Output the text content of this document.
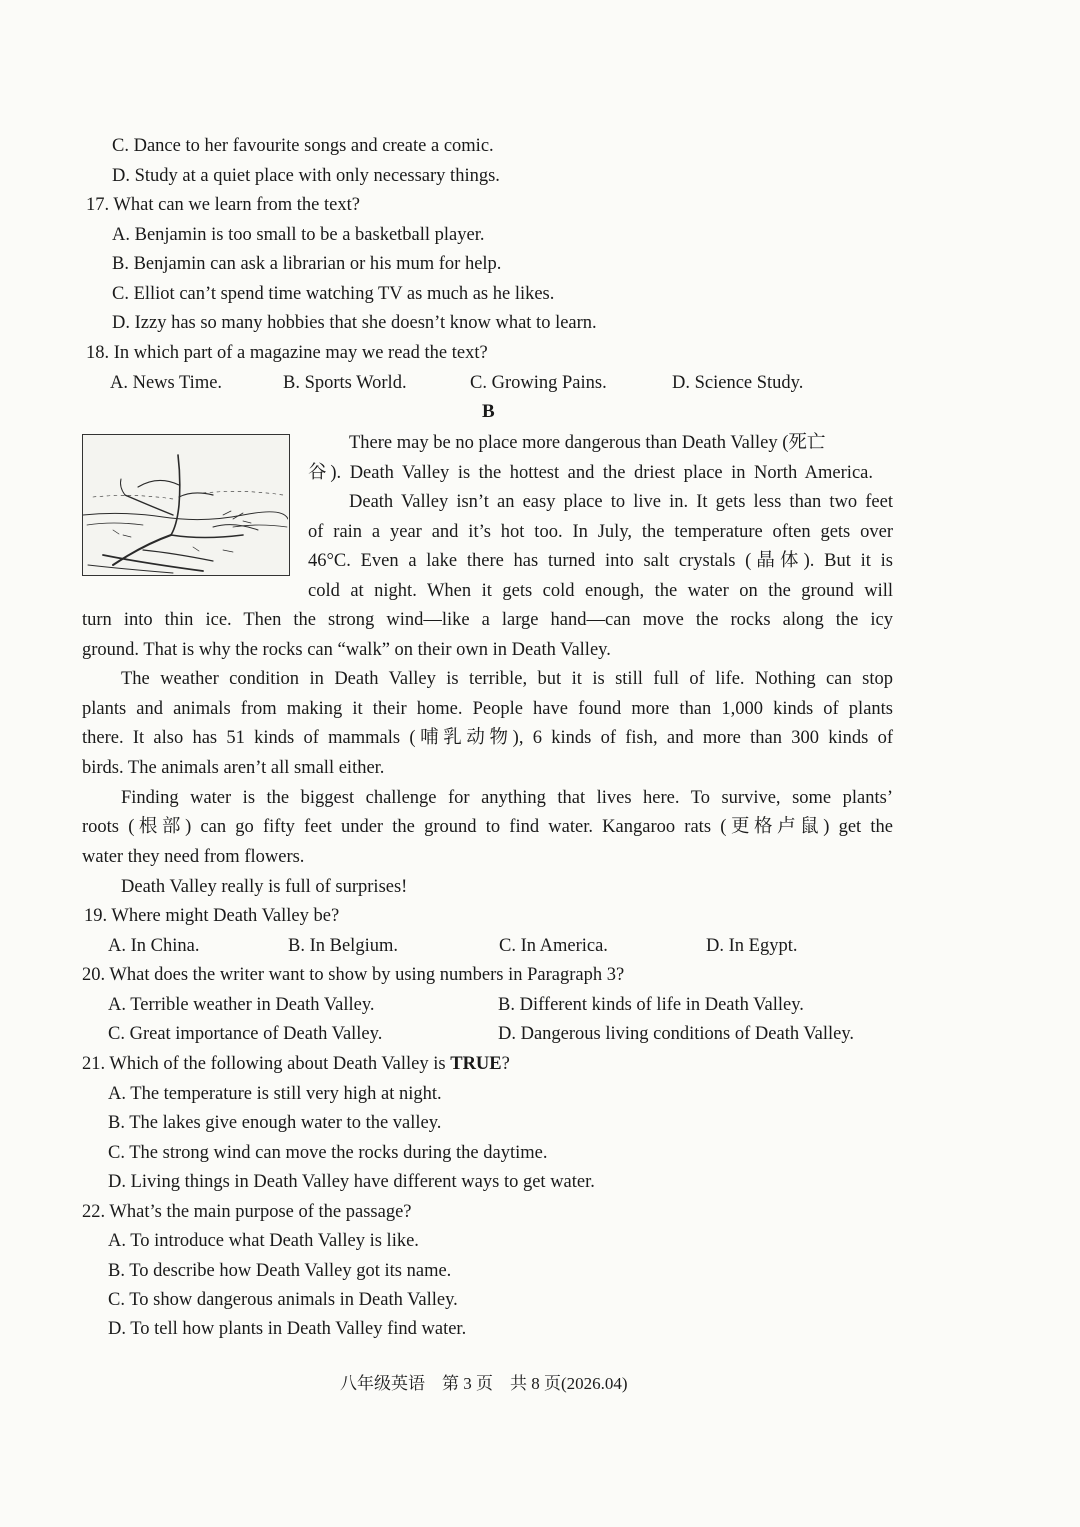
C. Dance to her favourite songs and create a comic.
D. Study at a quiet place with only necessary things.
17. What can we learn from the text?
A. Benjamin is too small to be a basketball player.
B. Benjamin can ask a librarian or his mum for help.
C. Elliot can’t spend time watching TV as much as he likes.
D. Izzy has so many hobbies that she doesn’t know what to learn.
18. In which part of a magazine may we read the text?
A. News Time.	B. Sports World.	C. Growing Pains.	D. Science Study.
B
There may be no place more dangerous than Death Valley (死亡
谷). Death Valley is the hottest and the driest place in North America.
Death Valley isn’t an easy place to live in. It gets less than two feet
of rain a year and it’s hot too. In July, the temperature often gets over
46°C. Even a lake there has turned into salt crystals (晶体). But it is
cold at night. When it gets cold enough, the water on the ground will
turn into thin ice. Then the strong wind—like a large hand—can move the rocks along the icy
ground. That is why the rocks can “walk” on their own in Death Valley.
The weather condition in Death Valley is terrible, but it is still full of life. Nothing can stop
plants and animals from making it their home. People have found more than 1,000 kinds of plants
there. It also has 51 kinds of mammals (哺乳动物), 6 kinds of fish, and more than 300 kinds of
birds. The animals aren’t all small either.
Finding water is the biggest challenge for anything that lives here. To survive, some plants’
roots (根部) can go fifty feet under the ground to find water. Kangaroo rats (更格卢鼠) get the
water they need from flowers.
Death Valley really is full of surprises!
19. Where might Death Valley be?
A. In China.	B. In Belgium.	C. In America.	D. In Egypt.
20. What does the writer want to show by using numbers in Paragraph 3?
A. Terrible weather in Death Valley.	B. Different kinds of life in Death Valley.
C. Great importance of Death Valley.	D. Dangerous living conditions of Death Valley.
21. Which of the following about Death Valley is TRUE?
A. The temperature is still very high at night.
B. The lakes give enough water to the valley.
C. The strong wind can move the rocks during the daytime.
D. Living things in Death Valley have different ways to get water.
22. What’s the main purpose of the passage?
A. To introduce what Death Valley is like.
B. To describe how Death Valley got its name.
C. To show dangerous animals in Death Valley.
D. To tell how plants in Death Valley find water.
八年级英语　第 3 页　共 8 页(2026.04)
